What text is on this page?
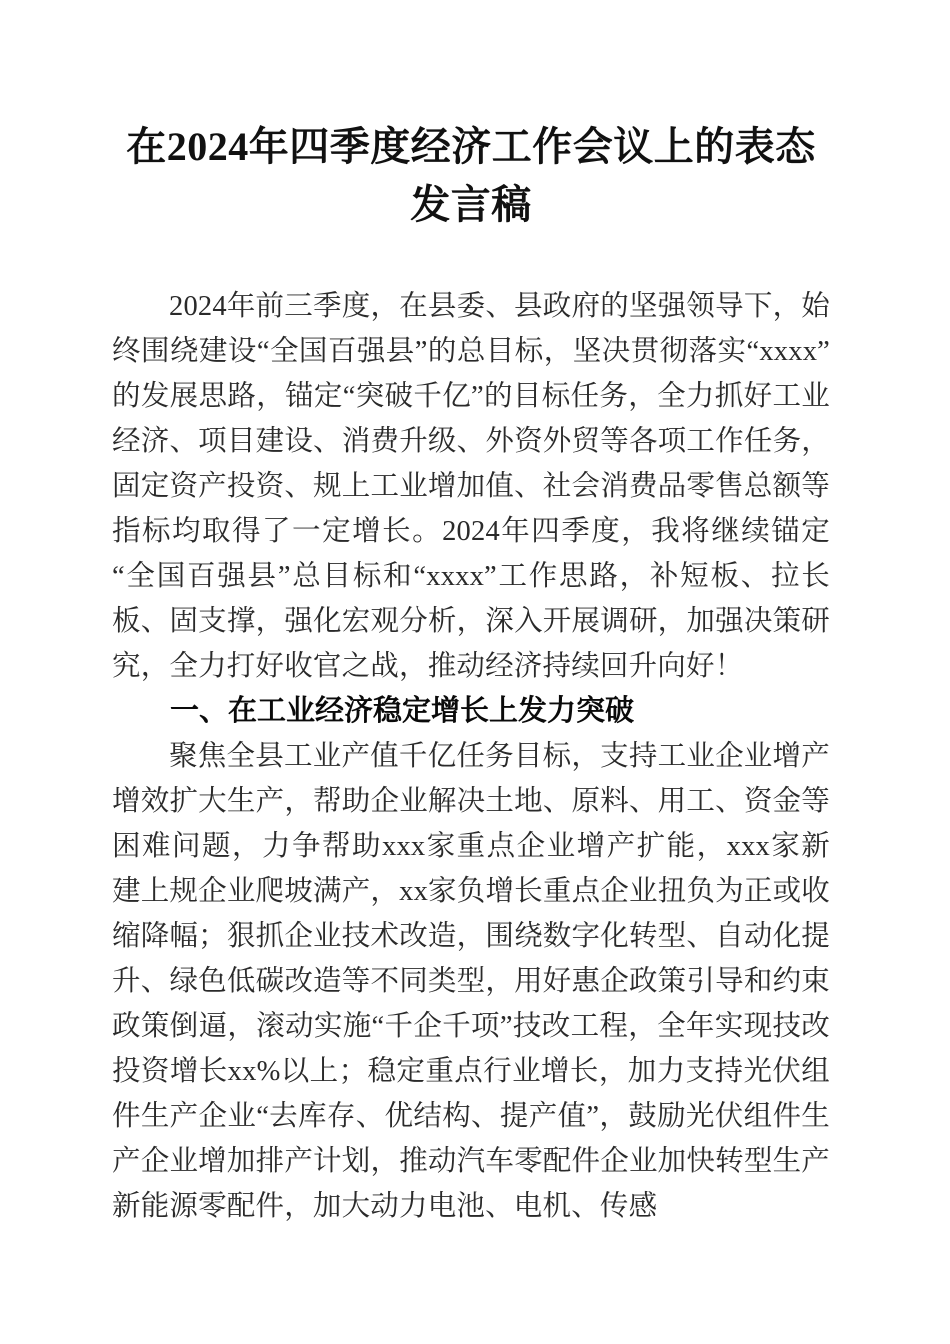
在2024年四季度经济工作会议上的表态发言稿

2024年前三季度，在县委、县政府的坚强领导下，始终围绕建设“全国百强县”的总目标，坚决贯彻落实“xxxx”的发展思路，锚定“突破千亿”的目标任务，全力抓好工业经济、项目建设、消费升级、外资外贸等各项工作任务，固定资产投资、规上工业增加值、社会消费品零售总额等指标均取得了一定增长。2024年四季度，我将继续锚定“全国百强县”总目标和“xxxx”工作思路，补短板、拉长板、固支撑，强化宏观分析，深入开展调研，加强决策研究，全力打好收官之战，推动经济持续回升向好！

一、在工业经济稳定增长上发力突破

聚焦全县工业产值千亿任务目标，支持工业企业增产增效扩大生产，帮助企业解决土地、原料、用工、资金等困难问题，力争帮助xxx家重点企业增产扩能，xxx家新建上规企业爬坡满产，xx家负增长重点企业扭负为正或收缩降幅；狠抓企业技术改造，围绕数字化转型、自动化提升、绿色低碳改造等不同类型，用好惠企政策引导和约束政策倒逼，滚动实施“千企千项”技改工程，全年实现技改投资增长xx%以上；稳定重点行业增长，加力支持光伏组件生产企业“去库存、优结构、提产值”，鼓励光伏组件生产企业增加排产计划，推动汽车零配件企业加快转型生产新能源零配件，加大动力电池、电机、传感
